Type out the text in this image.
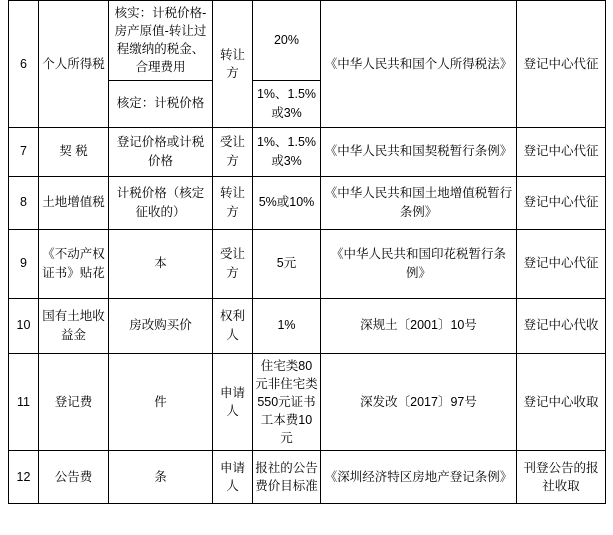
6	个人所得税	核实：计税价格-房产原值-转让过程缴纳的税金、合理费用	转让方	20%	《中华人民共和国个人所得税法》	登记中心代征
		核定：计税价格		1%、1.5%或3%		
7	契 税	登记价格或计税价格	受让方	1%、1.5%或3%	《中华人民共和国契税暂行条例》	登记中心代征
8	土地增值税	计税价格（核定征收的）	转让方	5%或10%	《中华人民共和国土地增值税暂行条例》	登记中心代征
9	《不动产权证书》贴花	本	受让方	5元	《中华人民共和国印花税暂行条例》	登记中心代征
10	国有土地收益金	房改购买价	权利人	1%	深规土〔2001〕10号	登记中心代收
11	登记费	件	申请人	住宅类80元非住宅类550元证书工本费10元	深发改〔2017〕97号	登记中心收取
12	公告费	条	申请人	报社的公告费价目标准	《深圳经济特区房地产登记条例》	刊登公告的报社收取
